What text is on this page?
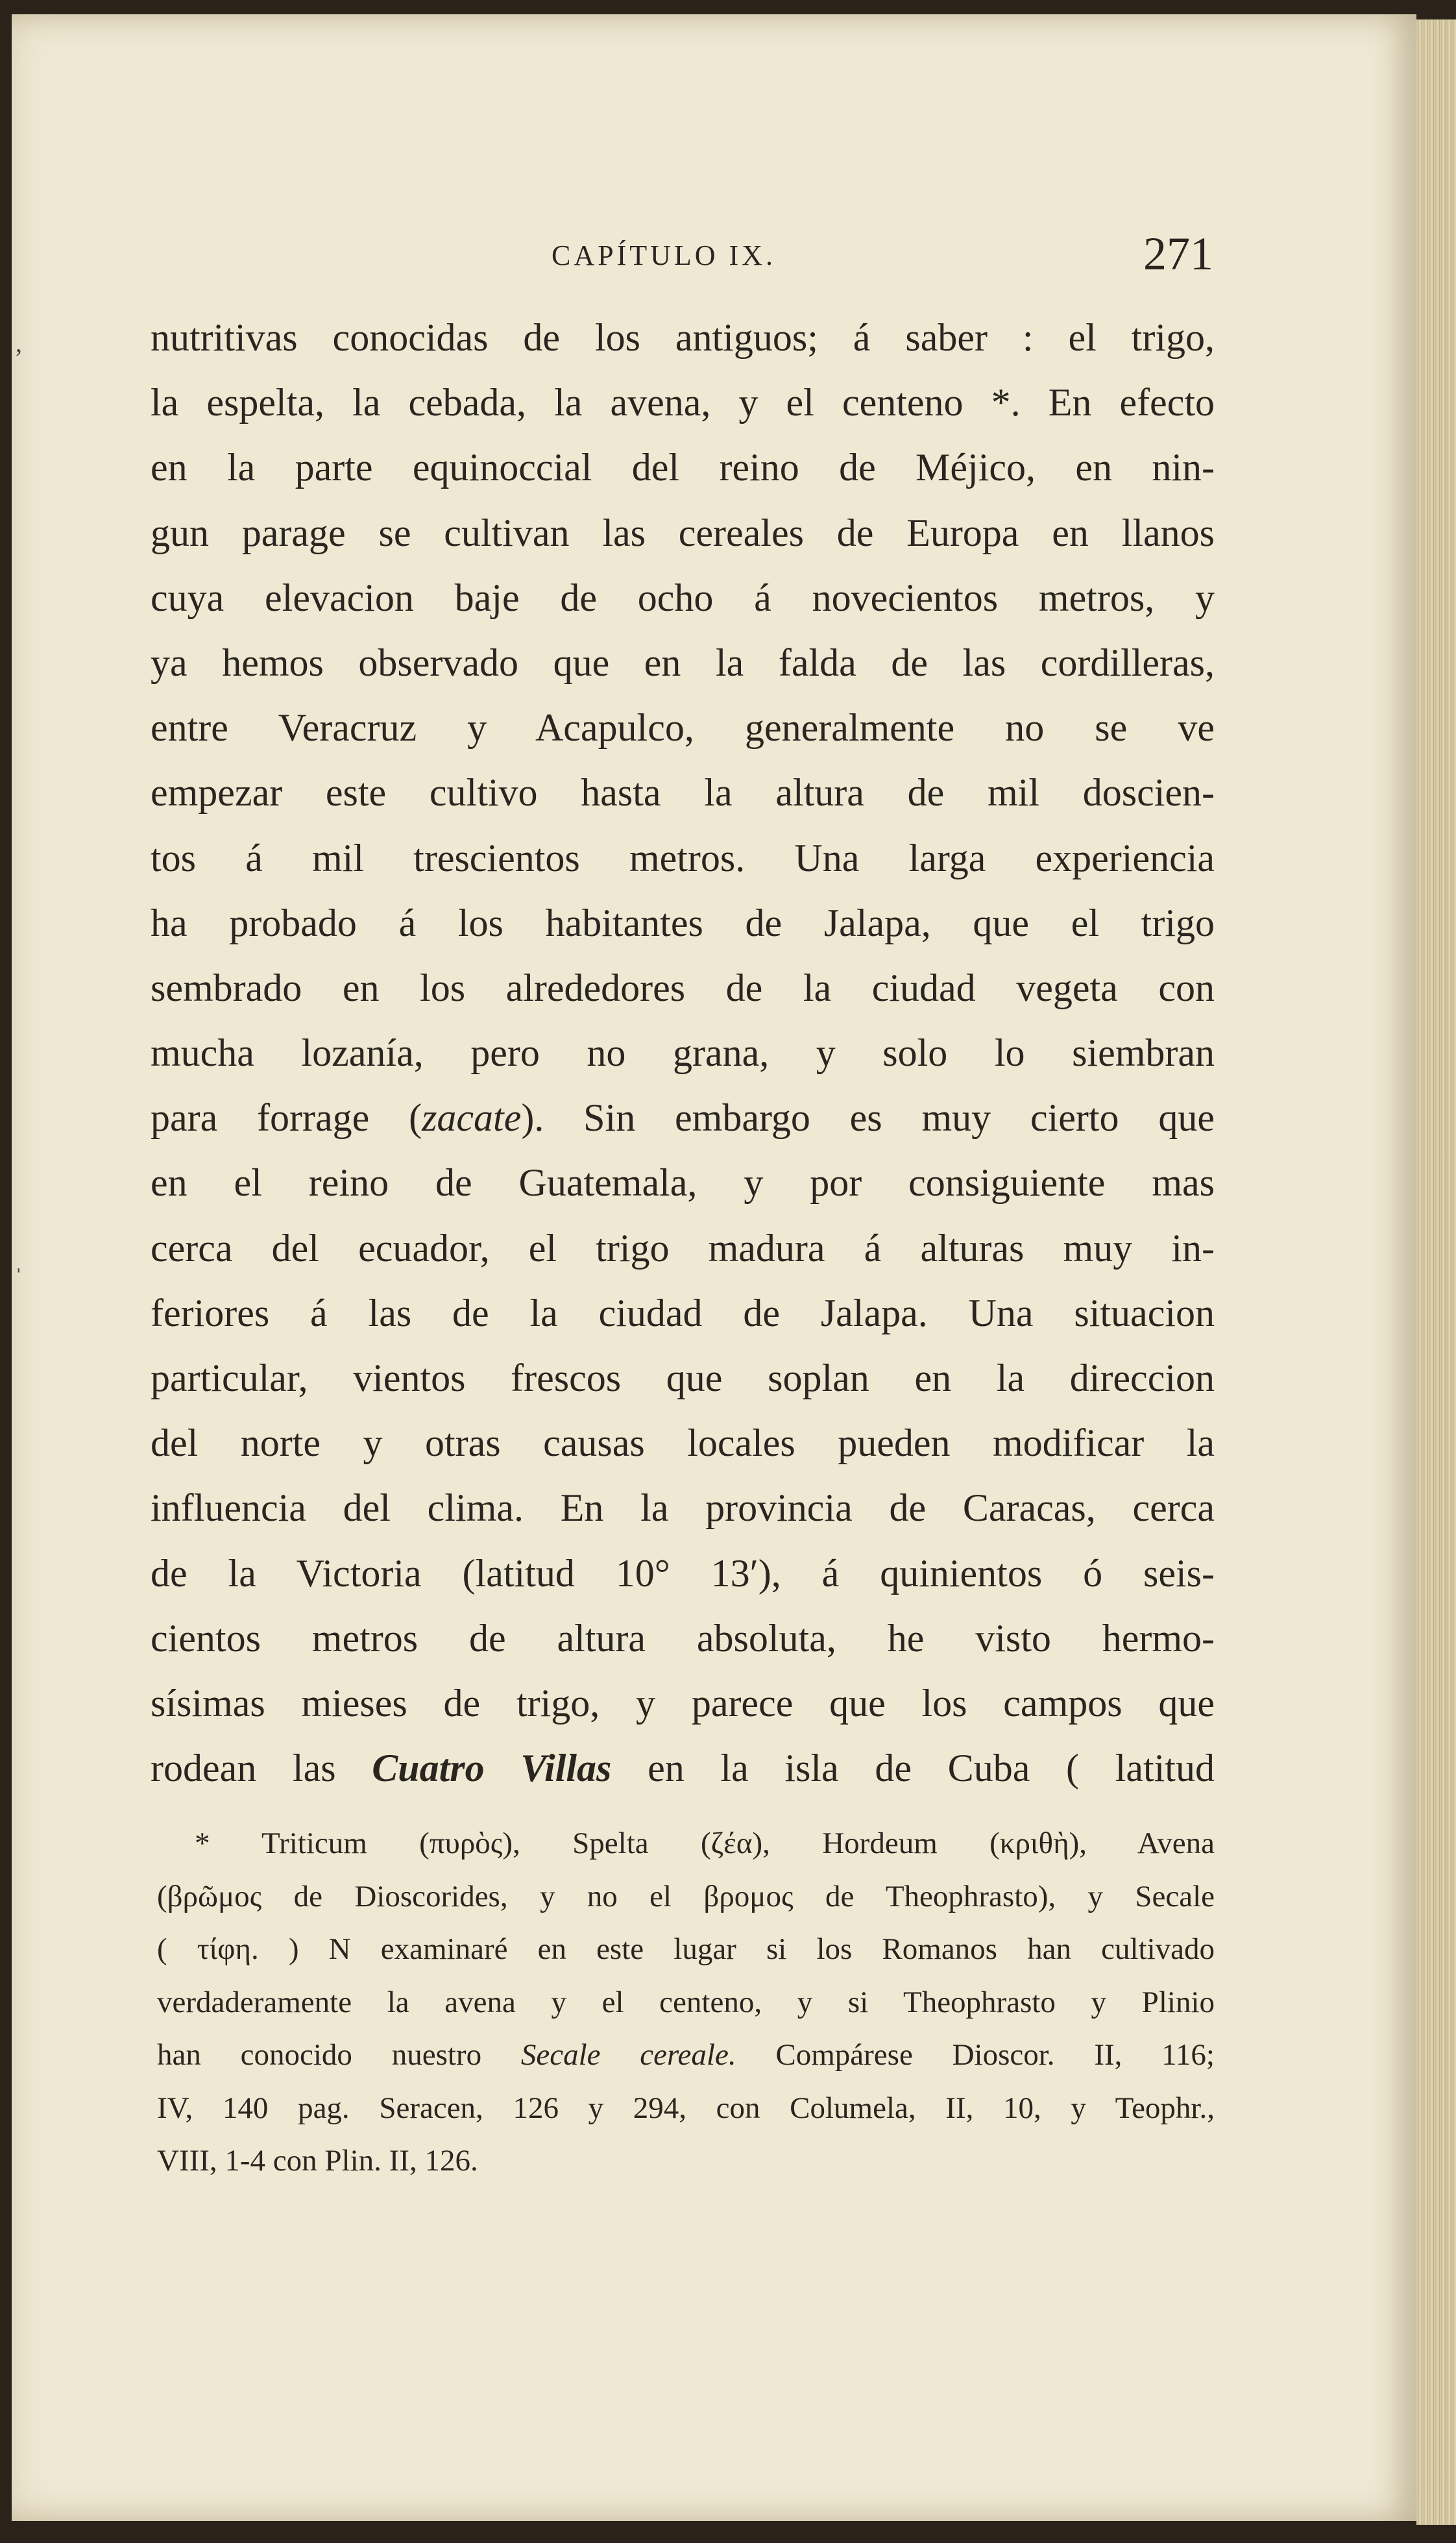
‚
ˈ
CAPÍTULO IX.	271
nutritivas conocidas de los antiguos; á saber : el trigo,
la espelta, la cebada, la avena, y el centeno *. En efecto
en la parte equinoccial del reino de Méjico, en nin-
gun parage se cultivan las cereales de Europa en llanos
cuya elevacion baje de ocho á novecientos metros, y
ya hemos observado que en la falda de las cordilleras,
entre Veracruz y Acapulco, generalmente no se ve
empezar este cultivo hasta la altura de mil doscien-
tos á mil trescientos metros. Una larga experiencia
ha probado á los habitantes de Jalapa, que el trigo
sembrado en los alrededores de la ciudad vegeta con
mucha lozanía, pero no grana, y solo lo siembran
para forrage (zacate). Sin embargo es muy cierto que
en el reino de Guatemala, y por consiguiente mas
cerca del ecuador, el trigo madura á alturas muy in-
feriores á las de la ciudad de Jalapa. Una situacion
particular, vientos frescos que soplan en la direccion
del norte y otras causas locales pueden modificar la
influencia del clima. En la provincia de Caracas, cerca
de la Victoria (latitud 10° 13′), á quinientos ó seis-
cientos metros de altura absoluta, he visto hermo-
sísimas mieses de trigo, y parece que los campos que
rodean las Cuatro Villas en la isla de Cuba ( latitud
* Triticum (πυρὸς), Spelta (ζέα), Hordeum (κριθὴ), Avena
(βρῶμος de Dioscorides, y no el βρομος de Theophrasto), y Secale
( τίφη. ) N examinaré en este lugar si los Romanos han cultivado
verdaderamente la avena y el centeno, y si Theophrasto y Plinio
han conocido nuestro Secale cereale. Compárese Dioscor. II, 116;
IV, 140 pag. Seracen, 126 y 294, con Columela, II, 10, y Teophr.,
VIII, 1-4 con Plin. II, 126.
